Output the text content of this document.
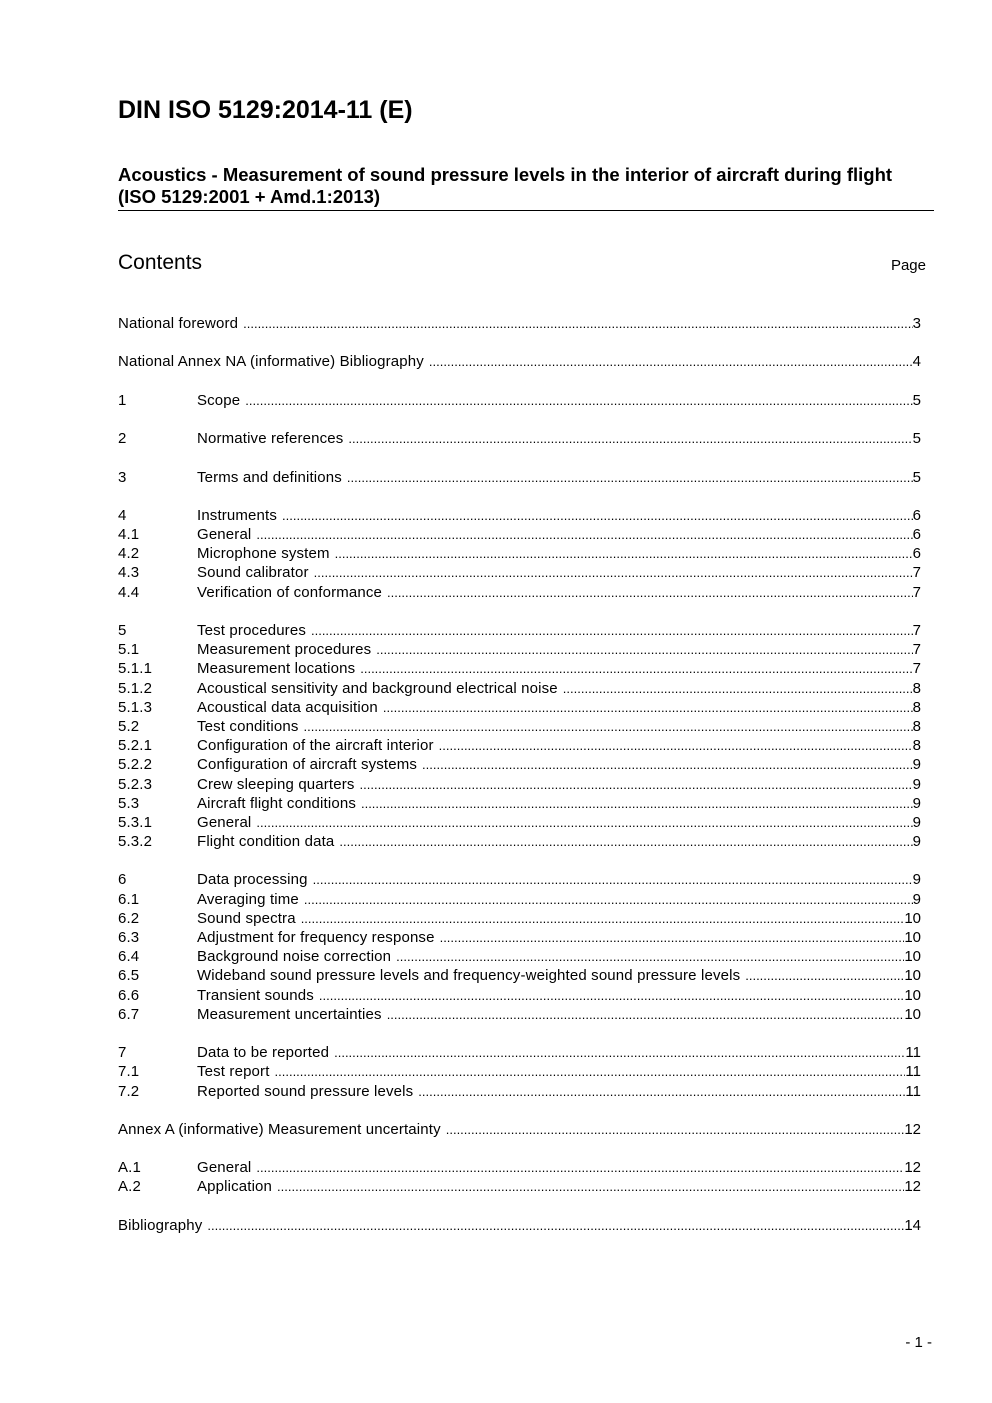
DIN ISO 5129:2014-11 (E)
Acoustics - Measurement of sound pressure levels in the interior of aircraft during flight (ISO 5129:2001 + Amd.1:2013)
Contents	Page
National foreword .....	3
National Annex NA (informative) Bibliography .....	4
1	Scope .....	5
2	Normative references .....	5
3	Terms and definitions .....	5
4	Instruments .....	6
4.1	General .....	6
4.2	Microphone system .....	6
4.3	Sound calibrator .....	7
4.4	Verification of conformance .....	7
5	Test procedures .....	7
5.1	Measurement procedures .....	7
5.1.1	Measurement locations .....	7
5.1.2	Acoustical sensitivity and background electrical noise .....	8
5.1.3	Acoustical data acquisition .....	8
5.2	Test conditions .....	8
5.2.1	Configuration of the aircraft interior .....	8
5.2.2	Configuration of aircraft systems .....	9
5.2.3	Crew sleeping quarters .....	9
5.3	Aircraft flight conditions .....	9
5.3.1	General .....	9
5.3.2	Flight condition data .....	9
6	Data processing .....	9
6.1	Averaging time .....	9
6.2	Sound spectra .....	10
6.3	Adjustment for frequency response .....	10
6.4	Background noise correction .....	10
6.5	Wideband sound pressure levels and frequency-weighted sound pressure levels .....	10
6.6	Transient sounds .....	10
6.7	Measurement uncertainties .....	10
7	Data to be reported .....	11
7.1	Test report .....	11
7.2	Reported sound pressure levels .....	11
Annex A (informative) Measurement uncertainty .....	12
A.1	General .....	12
A.2	Application .....	12
Bibliography .....	14
- 1 -
